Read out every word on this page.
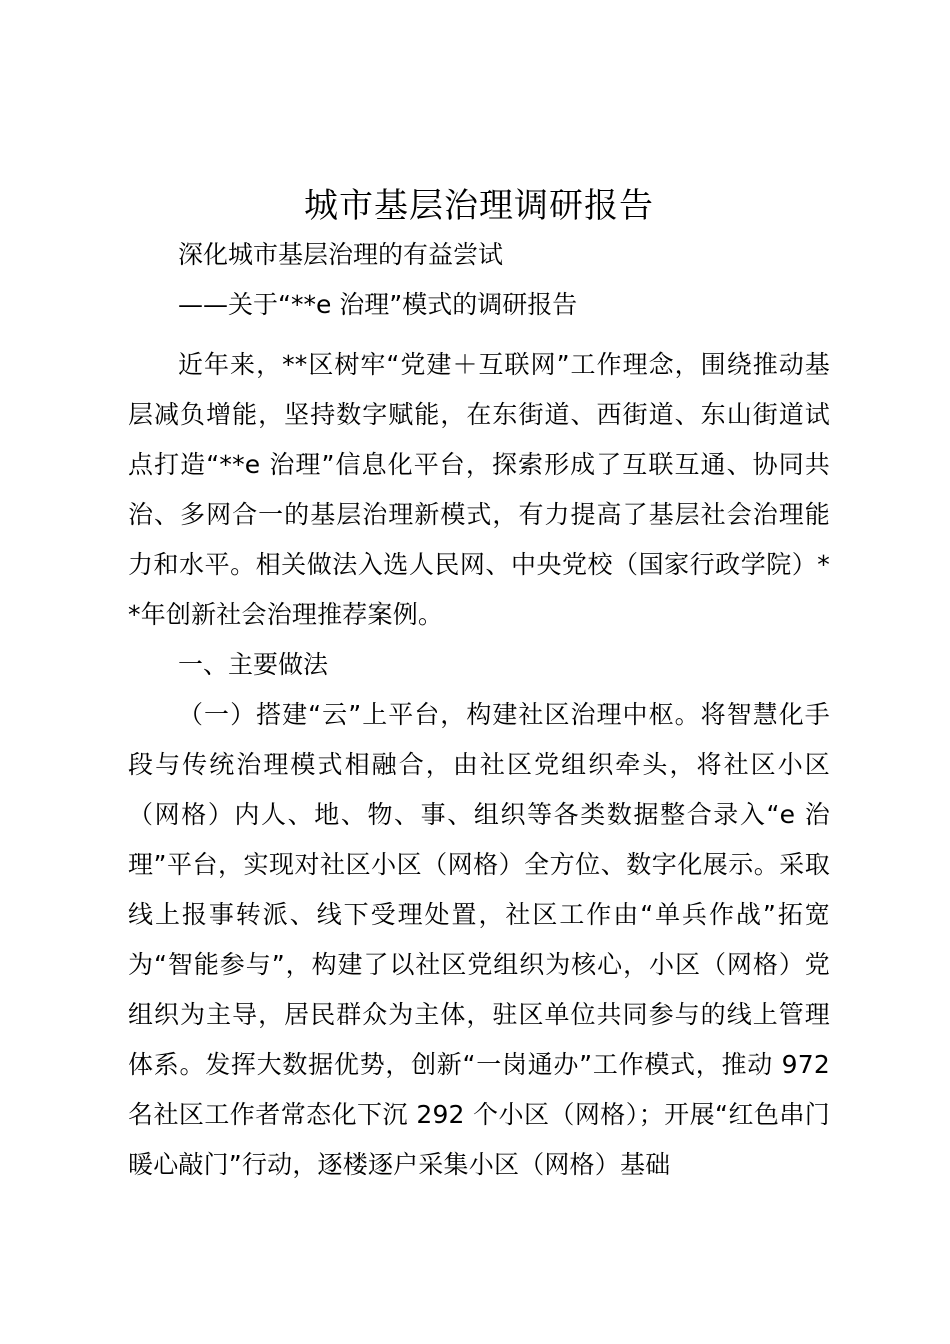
城市基层治理调研报告

深化城市基层治理的有益尝试

——关于“**e 治理”模式的调研报告

近年来，**区树牢“党建＋互联网”工作理念，围绕推动基层减负增能，坚持数字赋能，在东街道、西街道、东山街道试点打造“**e 治理”信息化平台，探索形成了互联互通、协同共治、多网合一的基层治理新模式，有力提高了基层社会治理能力和水平。相关做法入选人民网、中央党校（国家行政学院）**年创新社会治理推荐案例。

一、主要做法

（一）搭建“云”上平台，构建社区治理中枢。将智慧化手段与传统治理模式相融合，由社区党组织牵头，将社区小区（网格）内人、地、物、事、组织等各类数据整合录入“e 治理”平台，实现对社区小区（网格）全方位、数字化展示。采取线上报事转派、线下受理处置，社区工作由“单兵作战”拓宽为“智能参与”，构建了以社区党组织为核心，小区（网格）党组织为主导，居民群众为主体，驻区单位共同参与的线上管理体系。发挥大数据优势，创新“一岗通办”工作模式，推动 972 名社区工作者常态化下沉 292 个小区（网格）；开展“红色串门 暖心敲门”行动，逐楼逐户采集小区（网格）基础
